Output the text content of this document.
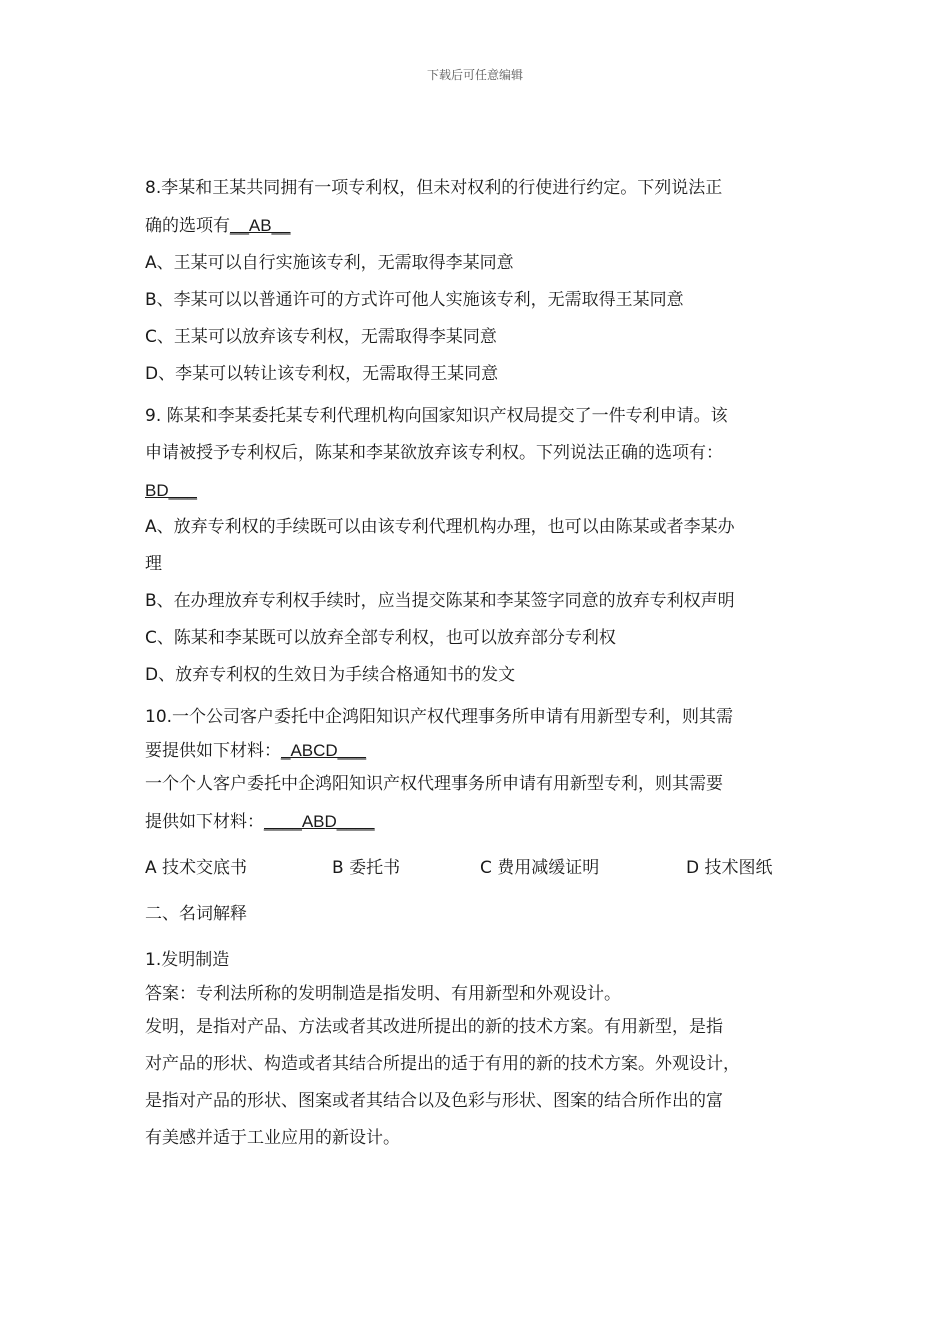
下载后可任意编辑
8.李某和王某共同拥有一项专利权，但未对权利的行使进行约定。下列说法正
确的选项有__AB__
A、王某可以自行实施该专利，无需取得李某同意
B、李某可以以普通许可的方式许可他人实施该专利，无需取得王某同意
C、王某可以放弃该专利权，无需取得李某同意
D、李某可以转让该专利权，无需取得王某同意
9. 陈某和李某委托某专利代理机构向国家知识产权局提交了一件专利申请。该
申请被授予专利权后，陈某和李某欲放弃该专利权。下列说法正确的选项有：
BD___
A、放弃专利权的手续既可以由该专利代理机构办理，也可以由陈某或者李某办
理
B、在办理放弃专利权手续时，应当提交陈某和李某签字同意的放弃专利权声明
C、陈某和李某既可以放弃全部专利权，也可以放弃部分专利权
D、放弃专利权的生效日为手续合格通知书的发文
10.一个公司客户委托中企鸿阳知识产权代理事务所申请有用新型专利，则其需
要提供如下材料：_ABCD___
一个个人客户委托中企鸿阳知识产权代理事务所申请有用新型专利，则其需要
提供如下材料：____ABD____
A 技术交底书	B 委托书	C 费用减缓证明	D 技术图纸
二、名词解释
1.发明制造
答案：专利法所称的发明制造是指发明、有用新型和外观设计。
发明，是指对产品、方法或者其改进所提出的新的技术方案。有用新型，是指
对产品的形状、构造或者其结合所提出的适于有用的新的技术方案。外观设计，
是指对产品的形状、图案或者其结合以及色彩与形状、图案的结合所作出的富
有美感并适于工业应用的新设计。
